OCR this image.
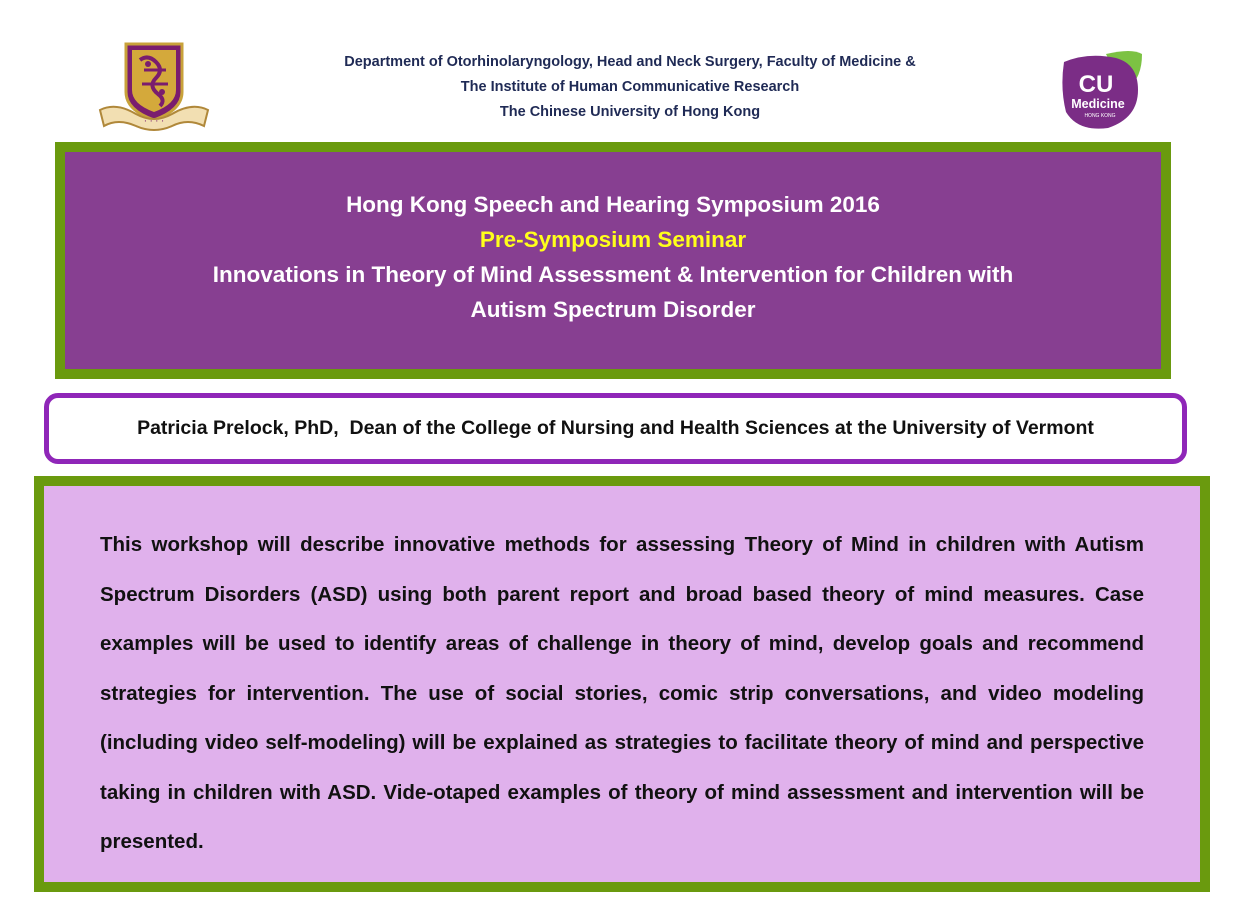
· · · ·
Department of Otorhinolaryngology, Head and Neck Surgery, Faculty of Medicine &
The Institute of Human Communicative Research
The Chinese University of Hong Kong
CU
Medicine
HONG KONG
Hong Kong Speech and Hearing Symposium 2016
Pre-Symposium Seminar
Innovations in Theory of Mind Assessment & Intervention for Children with
Autism Spectrum Disorder
Patricia Prelock, PhD,  Dean of the College of Nursing and Health Sciences at the University of Vermont

This workshop will describe innovative methods for assessing Theory of Mind in children with Autism Spectrum Disorders (ASD) using both parent report and broad based theory of mind measures. Case examples will be used to identify areas of challenge in theory of mind, develop goals and recommend strategies for intervention. The use of social stories, comic strip conversations, and video modeling (including video self-modeling) will be explained as strategies to facilitate theory of mind and perspective taking in children with ASD. Vide-otaped examples of theory of mind assessment and intervention will be presented.
